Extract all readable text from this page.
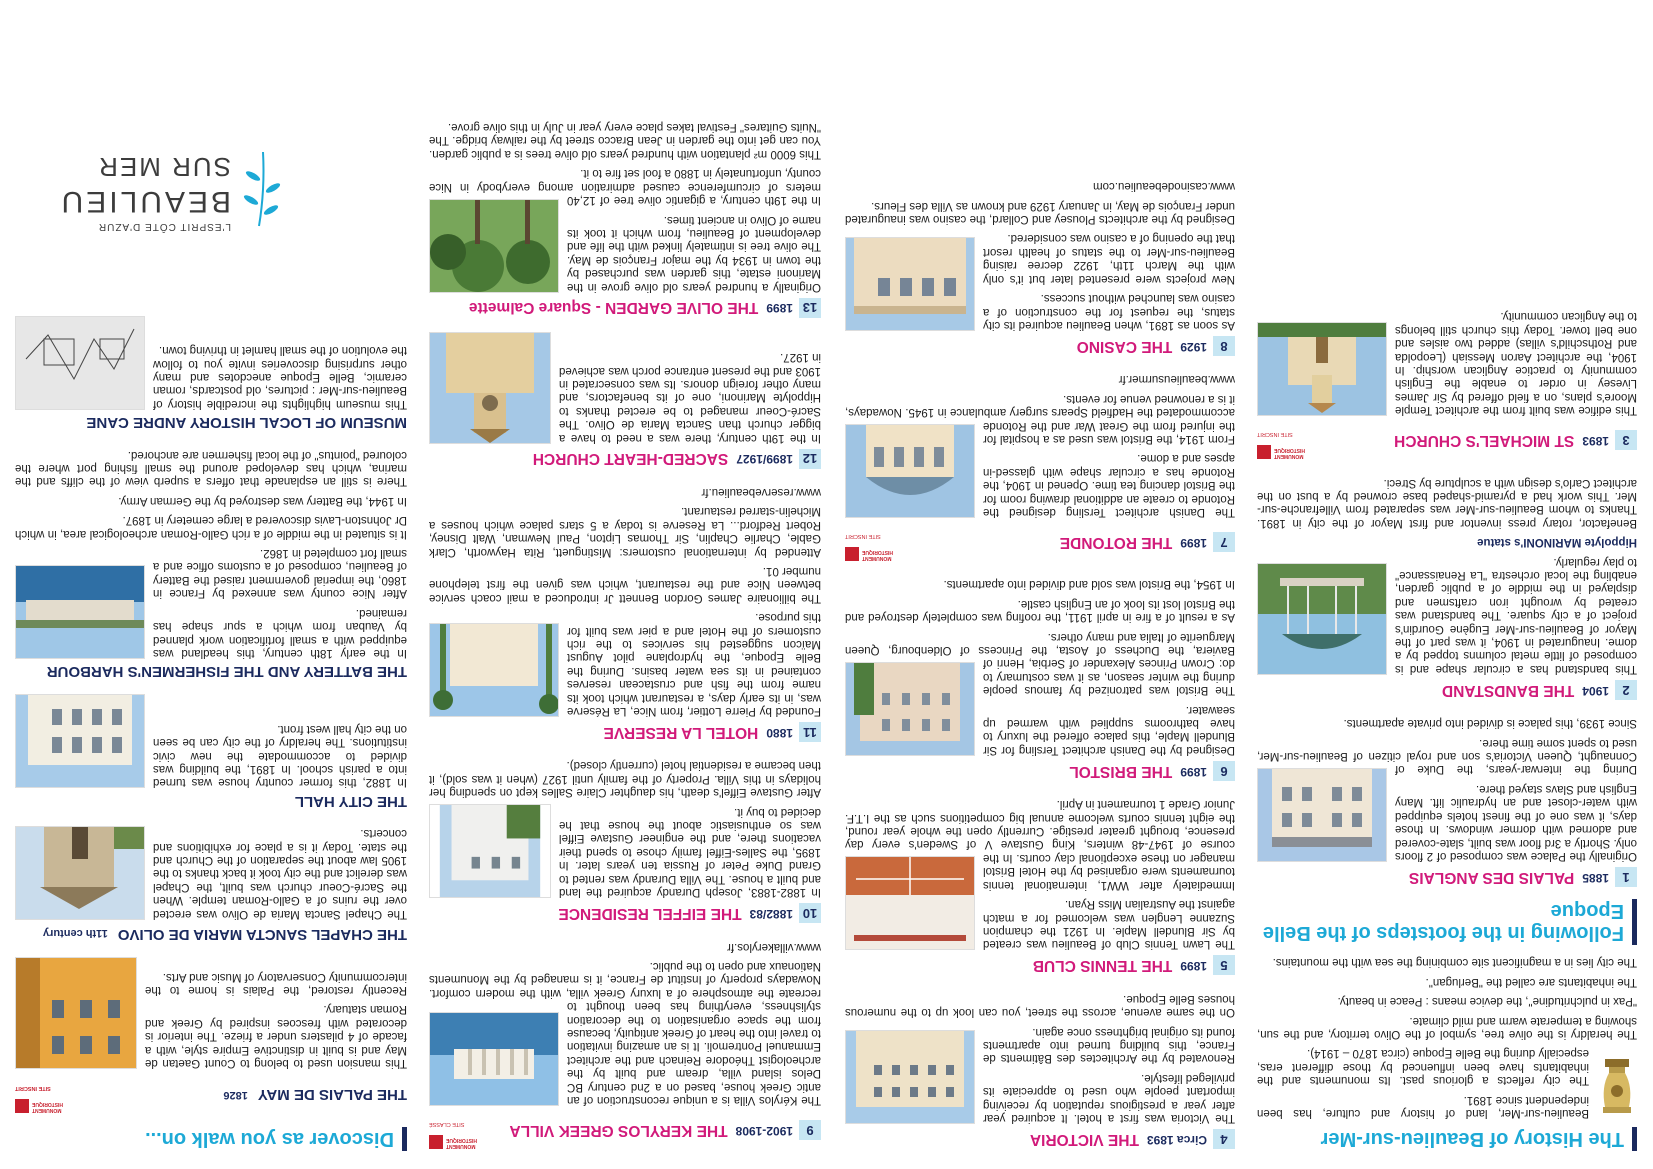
The History of Beaulieu-sur-Mer

Beaulieu-sur-Mer, land of history and culture, has been independent since 1891.

The city reflects a glorious past. Its monuments and the inhabitants have been influenced by those different eras, especially during the Belle Epoque (circa 1870 – 1914).

The heraldry is the olive tree, symbol of the Olivo territory, and the sun, showing a temperate warm and mild climate.

"Pax in pulchritudine", the device means : Peace in beauty.

The inhabitants are called the "Berlugan".

The city lies in a magnificent site combining the sea with the mountains.

Following in the footsteps of the Belle Epoque
1
1885
PALAIS DES ANGLAIS

Originally the Palace was composed of 2 floors only. Shortly a 3rd floor was built, slate-covered and adorned with dormer windows. In those days, it was one of the finest hotels equipped with water-closet and an hydraulic lift. Many English and Slavs stayed there.

During the interwar-years, the Duke of Connaught, Queen Victoria's son and royal citizen of Beaulieu-sur-Mer, used to spent some time there.

Since 1939, this palace is divided into private apartments.

2
1904
THE BANDSTAND

This bandstand has a circular shape and is composed of little metal columns topped by a dome. Inaugurated in 1904, it was part of the Mayor of Beaulieu-sur-Mer Eugène Gourdin's project of a city square. The bandstand was created by wrought iron craftsmen and displayed in the middle of a public garden, enabling the local orchestra "La Renaissance" to play regularly.

Hippolyte MARINONI's statue

Benefactor, rotary press inventor and first Mayor of the city in 1891. Thanks to whom Beaulieu-sur-Mer was separated from Villefranche-sur-Mer. This work had a pyramid-shaped base crowned by a bust on the architect Carlo's design with a sculpture by Streci.

3
1893
ST MICHAEL'S CHURCH
MONUMENT
HISTORIQUE
SITE INSCRIT

This edifice was built from the architect Temple Moore's plans, on a field offered by Sir James Livesey in order to enable the English community to practice Anglican worship. In 1904, the architect Aaron Messiah (Leopolda and Rothschild's villas) added two aisles and one bell tower. Today this church still belongs to the Anglican community.

4
Circa 1893
THE VICTORIA

The Victoria was first a hotel. It acquired year after year a prestigious reputation by receiving important people who used to appreciate its privileged lifestyle.

Renovated by the Architectes des Bâtiments de France, this building turned into apartments found its original brightness once again.

On the same avenue, across the street, you can look up to the numerous houses Belle Epoque.

5
1899
THE TENNIS CLUB

The Lawn Tennis Club of Beaulieu was created by Sir Blundell Maple. In 1921 the champion Suzanne Lenglen was welcomed for a match against the Australian Miss Ryan.

Immediately after WW1, international tennis tournaments were organised by the Hotel Bristol manager on these exceptional clay courts. In the course of 1947-48 winters, King Gustave V of Sweden's every day presence, brought greater prestige. Currently open the whole year round, the eight tennis courts welcome annual big competitions such as the I.T.F. Junior Grade 1 tournament in April.

6
1899
THE BRISTOL

Designed by the Danish architect Tersling for Sir Blundell Maple, this palace offered the luxury to have bathrooms supplied with warmed up seawater.

The Bristol was patronized by famous people during the winter season, as it was costumary to do: Crown Princes Alexander of Serbia, Henri of Baviera, the Duchess of Aosta, the Princess of Oldenbourg, Queen Marguerite of Italia and many others.

As a result of a fire in april 1911, the roofing was completely destroyed and the Bristol lost its look of an English castle.

In 1954, the Bristol was sold and divided into apartments.

7
1899
THE ROTONDE
MONUMENT
HISTORIQUE
SITE INSCRIT

The Danish architect Tersling designed the Rotonde to create an additional drawing room for the Bristol dancing tea time. Opened in 1904, the Rotonde has a circular shape with glassed-in apses and a dome.

From 1914, the Bristol was used as a hospital for the injured from the Great War and the Rotonde accommodated the Hadfield Spears surgery ambulance in 1945. Nowadays, it is a renowned venue for events.

www.beaulieusurmer.fr

8
1929
THE CASINO

As soon as 1891, when Beaulieu acquired its city status, the request for the construction of a casino was launched without success.

New projects were presented later but it's only with the March 11th, 1922 decree raising Beaulieu-sur-Mer to the status of health resort that the opening of a casino was considered.

Designed by the architects Plousey and Collard, the casino was inaugurated under François de May, in January 1929 and known as Villa des Fleurs.

www.casinodebeaulieu.com

9
1902-1908
THE KERYLOS GREEK VILLA
MONUMENT
HISTORIQUE
SITE CLASSÉ

The Kérylos Villa is a unique reconstruction of an antic Greek house, based on a 2nd century BC Delos island villa, dream and built by the archeologist Théodore Reinach and the architect Emmanuel Pontremoli. It is an amazing invitation to travel into the heart of Greek antiquity, because from the space organisation to the decoration stylishness, everything has been thought to recreate the atmosphere of a luxury Greek villa, with the modern comfort. Nowadays property of Institut de France, it is managed by the Monuments Nationaux and open to the public.

www.villakerylos.fr

10
1882/83
THE EIFFEL RESIDENCE

In 1882-1883, Joseph Durandy acquired the land and built a house. The Villa Durandy was rented to Grand Duke Peter of Russia ten years later. In 1895, the Salles-Eiffel family chose to spend their vacations there, and the engineer Gustave Eiffel was so enthusiastic about the house that he decided to buy it.

After Gustave Eiffel's death, his daughter Claire Salles kept on spending her holidays in this Villa. Property of the family until 1927 (when it was sold), it then became a residential hotel (currently closed).

11
1880
HOTEL LA RESERVE

Founded by Pierre Lottier, from Nice, La Réserve was, in its early days, a restaurant which took its name from the fish and crustacean reserves contained in its sea water basins. During the Belle Epoque, the hydroplane pilot August Maïcon suggested his services to the rich customers of the Hotel and a pier was built for this purpose.

The billionaire James Gordon Bennett Jr introduced a mail coach service between Nice and the restaurant, which was given the first telephone number 01.

Attended by international customers: Mistinguett, Rita Hayworth, Clark Gable, Charlie Chaplin, Sir Thomas Lipton, Paul Newman, Walt Disney, Robert Redford... La Reserve is today a 5 stars palace which houses a Michelin-starred restaurant.

www.reservebeaulieu.fr

12
1899/1927
SACRED-HEART CHURCH

In the 19th century, there was a need to have a bigger church than Sancta Maria de Olivo. The Sacré-Coeur managed to be erected thanks to Hippolyte Marinoni, one of its benefactors, and many other foreign donors. Its was consecrated in 1903 and the present entrance porch was achieved in 1927.

13
1899
THE OLIVE GARDEN - Square Calmette

Originally a hundred years old olive grove in the Marinoni estate, this garden was purchased by the town in 1934 by the major François de May. The olive tree is intimately linked with the life and development of Beaulieu, from which it took its name of Olivo in ancient times.

In the 19th century, a gigantic olive tree of 12,40 meters of circumference caused admiration among everybody in Nice county, unfortunately in 1880 a fool set fire to it.

This 6000 m² plantation with hundred years old olive trees is a public garden. You can get into the garden in Jean Bracco street by the railway bridge. The "Nuits Guitares" Festival takes place every year in July in this olive grove.

Discover as you walk on...
THE PALAIS DE MAY
1826
MONUMENT
HISTORIQUE
SITE INSCRIT

This mansion used to belong to Count Gaetan de May and is built in distinctive Empire style, with a facade of 4 pilasters under a frieze. The interior is decorated with frescoes inspired by Greek and Roman statuary.

Recently restored, the Palais is home to the intercommunity Conservatory of Music and Arts.

THE CHAPEL SANCTA MARIA DE OLIVO11th century

The Chapel Sancta Maria de Olivo was erected over the ruins of a Gallo-Roman temple. When the Sacré-Coeur church was built, the Chapel was derelict and the city took it back thanks to the 1905 law about the separation of the Church and the state. Today it is a place for exhibitions and concerts.

THE CITY HALL

In 1882, this former country house was turned into a parish school. In 1891, the building was divided to accommodate the new civic institutions. The heraldry of the city can be seen on the city hall west front.

THE BATTERY AND THE FISHERMEN'S HARBOUR

In the early 18th century, this headland was equipped with a small fortification work planned by Vauban from which a spur shape has remained.

After Nice county was annexed by France in 1860, the imperial government raised the Battery of Beaulieu, composed of a customs office and a small fort completed in 1862.

It is situated in the middle of a rich Gallo-Roman archeological area, in which Dr Johnston-Lavis discovered a large cemetery in 1897.

In 1944, the Battery was destroyed by the German Army.

There is still an esplanade that offers a superb view of the cliffs and the marina, which has developed around the small fishing port where the coloured "pointus" of the local fishermen are anchored.

MUSEUM OF LOCAL HISTORY ANDRE CANE

This museum highlights the incredible history of Beaulieu-sur-Mer : pictures, old postcards, roman ceramic, Belle Epoque anecdotes and many other surprising discoveries invite you to follow the evolution of the small hamlet in thriving town.

L'ESPRIT CÔTE D'AZUR
BEAULIEU
SUR MER
